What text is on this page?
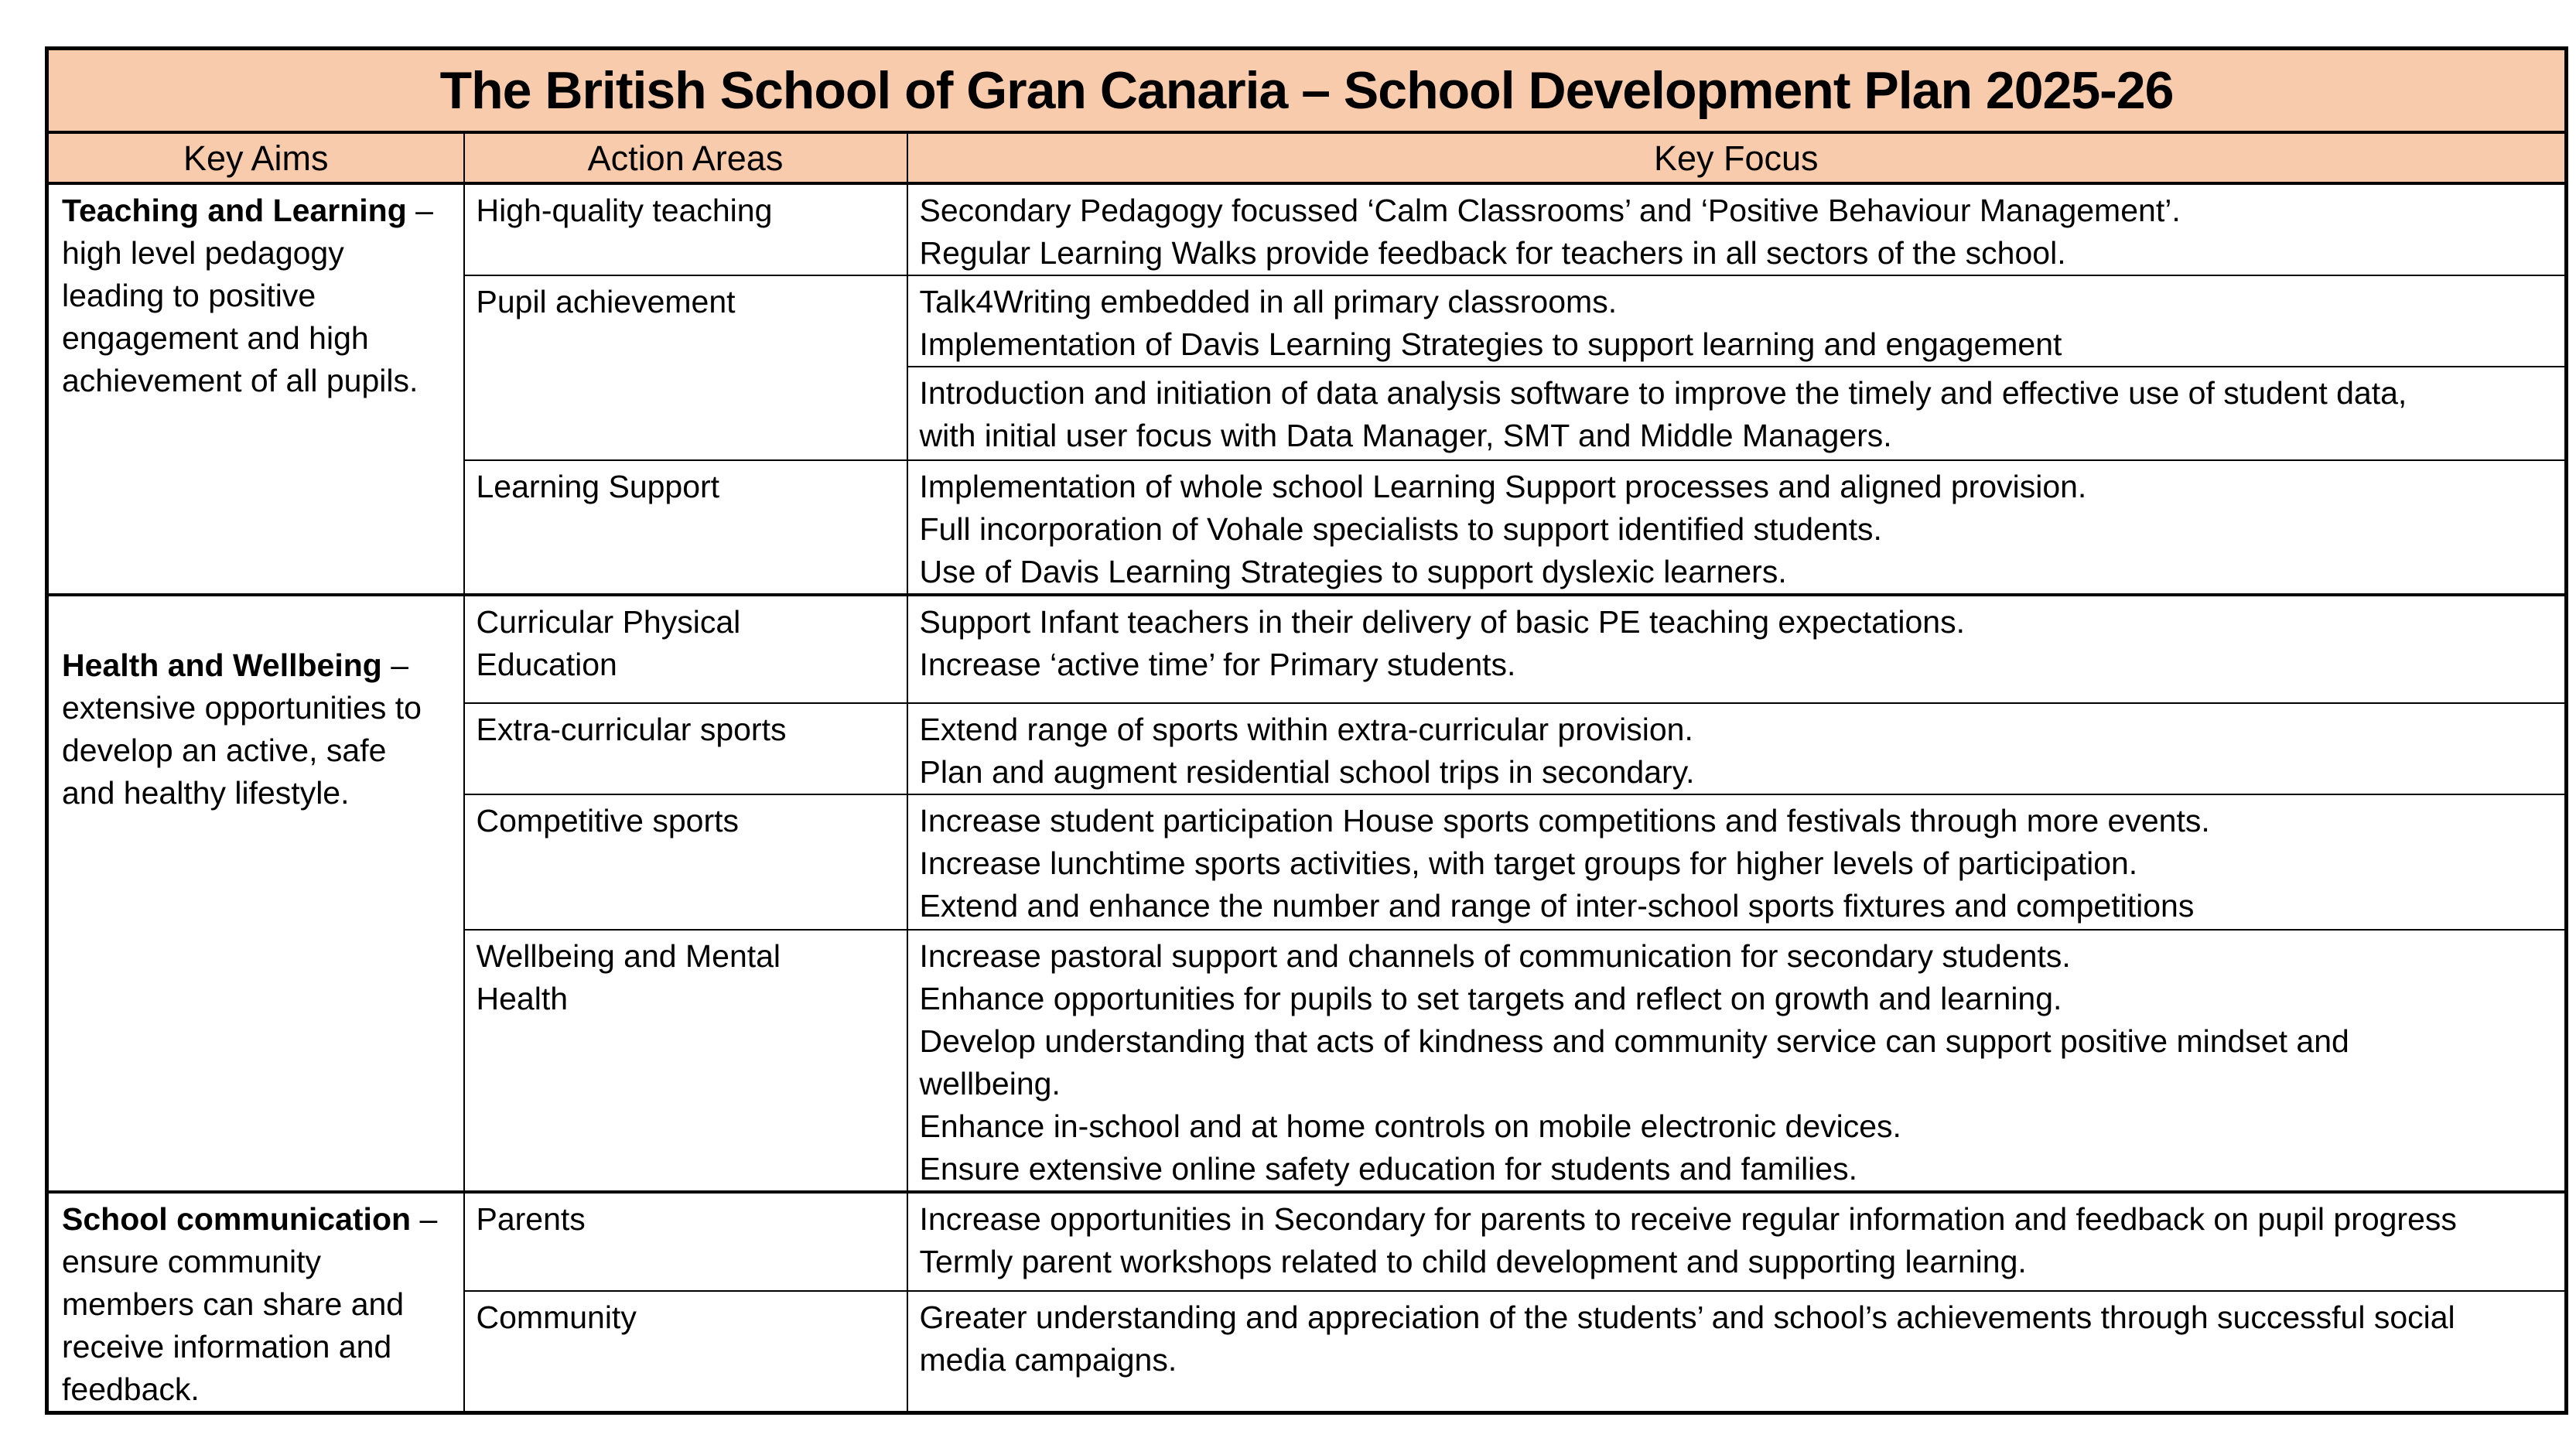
The British School of Gran Canaria – School Development Plan 2025-26		
Key Aims	Action Areas	Key Focus
Teaching and Learning – high level pedagogy leading to positive engagement and high achievement of all pupils.	High-quality teaching	Secondary Pedagogy focussed ‘Calm Classrooms’ and ‘Positive Behaviour Management’.
Regular Learning Walks provide feedback for teachers in all sectors of the school.

	Pupil achievement	Talk4Writing embedded in all primary classrooms.
Implementation of Davis Learning Strategies to support learning and engagement

		Introduction and initiation of data analysis software to improve the timely and effective use of student data, with initial user focus with Data Manager, SMT and Middle Managers.

	Learning Support	Implementation of whole school Learning Support processes and aligned provision.
Full incorporation of Vohale specialists to support identified students.
Use of Davis Learning Strategies to support dyslexic learners.

Health and Wellbeing – extensive opportunities to develop an active, safe and healthy lifestyle.	Curricular Physical Education	Support Infant teachers in their delivery of basic PE teaching expectations.
Increase ‘active time’ for Primary students.

	Extra-curricular sports	Extend range of sports within extra-curricular provision.
Plan and augment residential school trips in secondary.

	Competitive sports	Increase student participation House sports competitions and festivals through more events.
Increase lunchtime sports activities, with target groups for higher levels of participation.
Extend and enhance the number and range of inter-school sports fixtures and competitions

	Wellbeing and Mental Health	Increase pastoral support and channels of communication for secondary students.
Enhance opportunities for pupils to set targets and reflect on growth and learning.
Develop understanding that acts of kindness and community service can support positive mindset and wellbeing.
Enhance in-school and at home controls on mobile electronic devices.
Ensure extensive online safety education for students and families.

School communication – ensure community members can share and receive information and feedback.	Parents	Increase opportunities in Secondary for parents to receive regular information and feedback on pupil progress
Termly parent workshops related to child development and supporting learning.

	Community	Greater understanding and appreciation of the students’ and school’s achievements through successful social media campaigns.
